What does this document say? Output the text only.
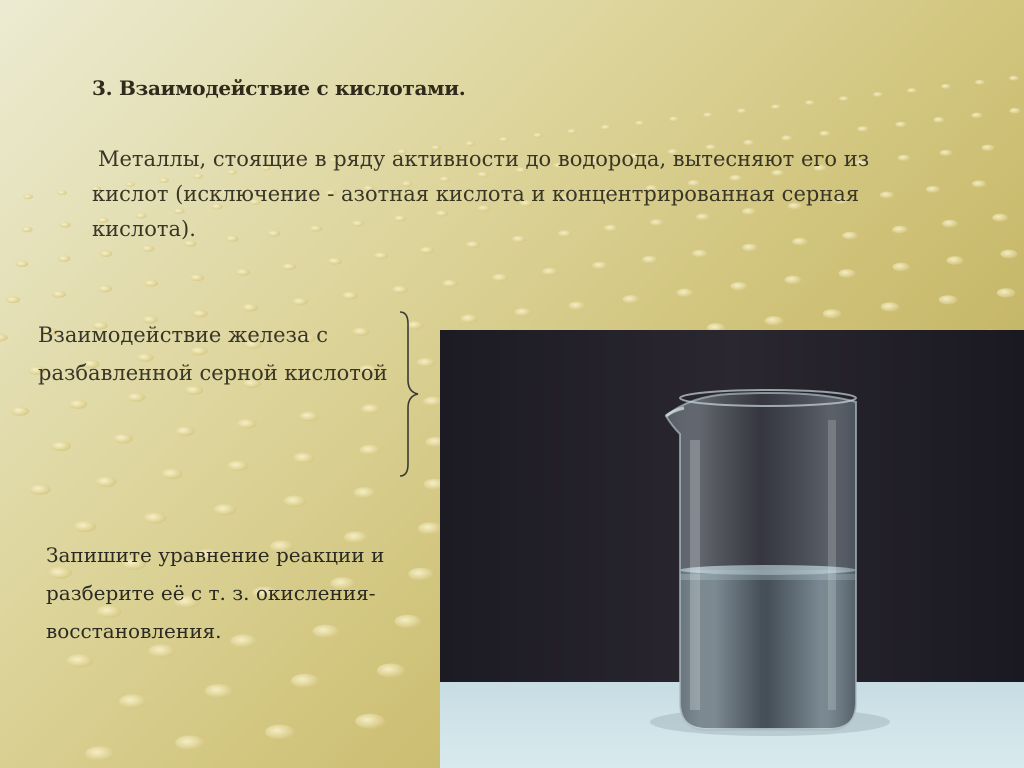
3. Взаимодействие с кислотами.

Металлы, стоящие в ряду активности до водорода, вытесняют его из кислот (исключение - азотная кислота и концентрированная серная кислота).

Взаимодействие железа с разбавленной серной кислотой

Запишите уравнение реакции и разберите её с т. з. окисления-восстановления.
